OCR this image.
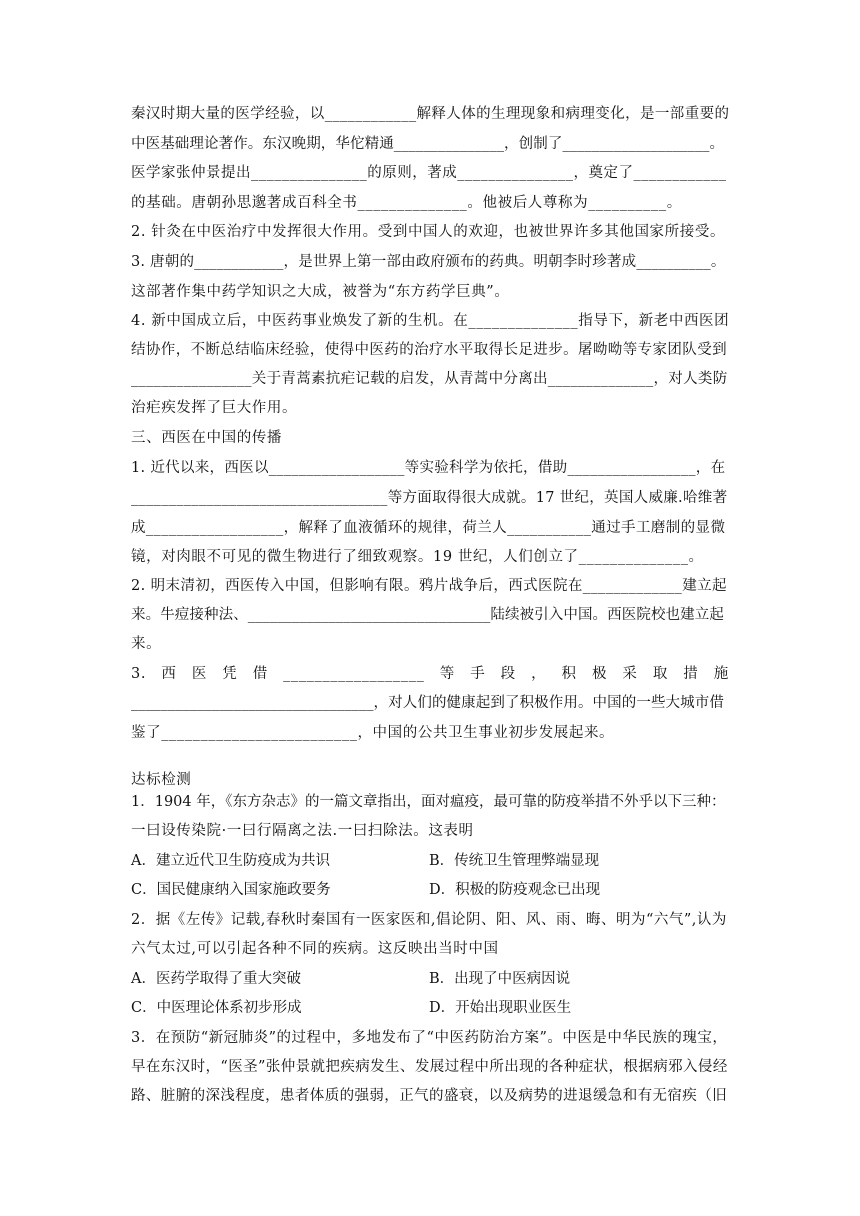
秦汉时期大量的医学经验，以____________解释人体的生理现象和病理变化，是一部重要的
中医基础理论著作。东汉晚期，华佗精通_______________，创制了____________________。
医学家张仲景提出_______________的原则，著成_______________，奠定了____________
的基础。唐朝孙思邈著成百科全书______________。他被后人尊称为__________。
2. 针灸在中医治疗中发挥很大作用。受到中国人的欢迎，也被世界许多其他国家所接受。
3. 唐朝的____________，是世界上第一部由政府颁布的药典。明朝李时珍著成__________。
这部著作集中药学知识之大成，被誉为“东方药学巨典”。
4. 新中国成立后，中医药事业焕发了新的生机。在______________指导下，新老中西医团
结协作，不断总结临床经验，使得中医药的治疗水平取得长足进步。屠呦呦等专家团队受到
________________关于青蒿素抗疟记载的启发，从青蒿中分离出______________，对人类防
治疟疾发挥了巨大作用。
三、西医在中国的传播
1. 近代以来，西医以__________________等实验科学为依托，借助_________________，在
__________________________________等方面取得很大成就。17 世纪，英国人威廉.哈维著
成__________________，解释了血液循环的规律，荷兰人___________通过手工磨制的显微
镜，对肉眼不可见的微生物进行了细致观察。19 世纪，人们创立了______________。
2. 明末清初，西医传入中国，但影响有限。鸦片战争后，西式医院在_____________建立起
来。牛痘接种法、_________________________________陆续被引入中国。西医院校也建立起
来。
3. 西 医 凭 借 __________________ 等 手 段 ， 积 极 采 取 措 施
_________________________________，对人们的健康起到了积极作用。中国的一些大城市借
鉴了_________________________，中国的公共卫生事业初步发展起来。
达标检测
1．1904 年，《东方杂志》的一篇文章指出，面对瘟疫，最可靠的防疫举措不外乎以下三种：
一曰设传染院·一曰行隔离之法.一曰扫除法。这表明
A．建立近代卫生防疫成为共识	B．传统卫生管理弊端显现
C．国民健康纳入国家施政要务	D．积极的防疫观念已出现
2．据《左传》记载,春秋时秦国有一医家医和,倡论阴、阳、风、雨、晦、明为“六气”,认为
六气太过,可以引起各种不同的疾病。这反映出当时中国
A．医药学取得了重大突破	B．出现了中医病因说
C．中医理论体系初步形成	D．开始出现职业医生
3．在预防“新冠肺炎”的过程中，多地发布了“中医药防治方案”。中医是中华民族的瑰宝，
早在东汉时，“医圣”张仲景就把疾病发生、发展过程中所出现的各种症状，根据病邪入侵经
路、脏腑的深浅程度，患者体质的强弱，正气的盛衰，以及病势的进退缓急和有无宿疾（旧
